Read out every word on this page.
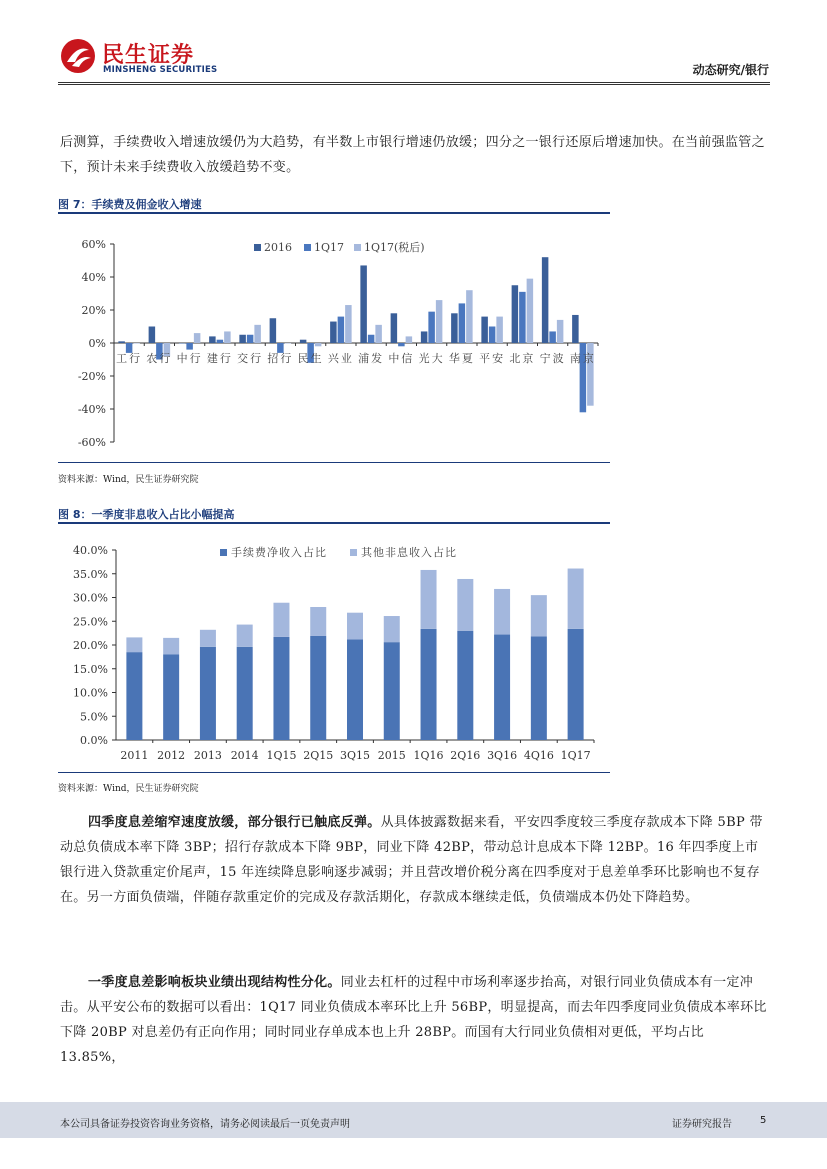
民生证券
MINSHENG SECURITIES	动态研究/银行

后测算，手续费收入增速放缓仍为大趋势，有半数上市银行增速仍放缓；四分之一银行还原后增速加快。在当前强监管之下，预计未来手续费收入放缓趋势不变。

图 7：手续费及佣金收入增速
60%
40%
20%
0%
-20%
-40%
-60%
工行 农行 中行 建行 交行 招行 民生 兴业 浦发 中信 光大 华夏 平安 北京 宁波 南京
2016 1Q17 1Q17(税后)
资料来源：Wind，民生证券研究院
图 8：一季度非息收入占比小幅提高
40.0%
35.0%
30.0%
25.0%
20.0%
15.0%
10.0%
5.0%
0.0%
2011 2012 2013 2014 1Q15 2Q15 3Q15 2015 1Q16 2Q16 3Q16 4Q16 1Q17
手续费净收入占比	其他非息收入占比
资料来源：Wind，民生证券研究院

四季度息差缩窄速度放缓，部分银行已触底反弹。从具体披露数据来看，平安四季度较三季度存款成本下降 5BP 带动总负债成本率下降 3BP；招行存款成本下降 9BP，同业下降 42BP，带动总计息成本下降 12BP。16 年四季度上市银行进入贷款重定价尾声，15 年连续降息影响逐步减弱；并且营改增价税分离在四季度对于息差单季环比影响也不复存在。另一方面负债端，伴随存款重定价的完成及存款活期化，存款成本继续走低，负债端成本仍处下降趋势。

一季度息差影响板块业绩出现结构性分化。同业去杠杆的过程中市场利率逐步抬高，对银行同业负债成本有一定冲击。从平安公布的数据可以看出：1Q17 同业负债成本率环比上升 56BP，明显提高，而去年四季度同业负债成本率环比下降 20BP 对息差仍有正向作用；同时同业存单成本也上升 28BP。而国有大行同业负债相对更低，平均占比 13.85%，

本公司具备证券投资咨询业务资格，请务必阅读最后一页免责声明	证券研究报告	5
